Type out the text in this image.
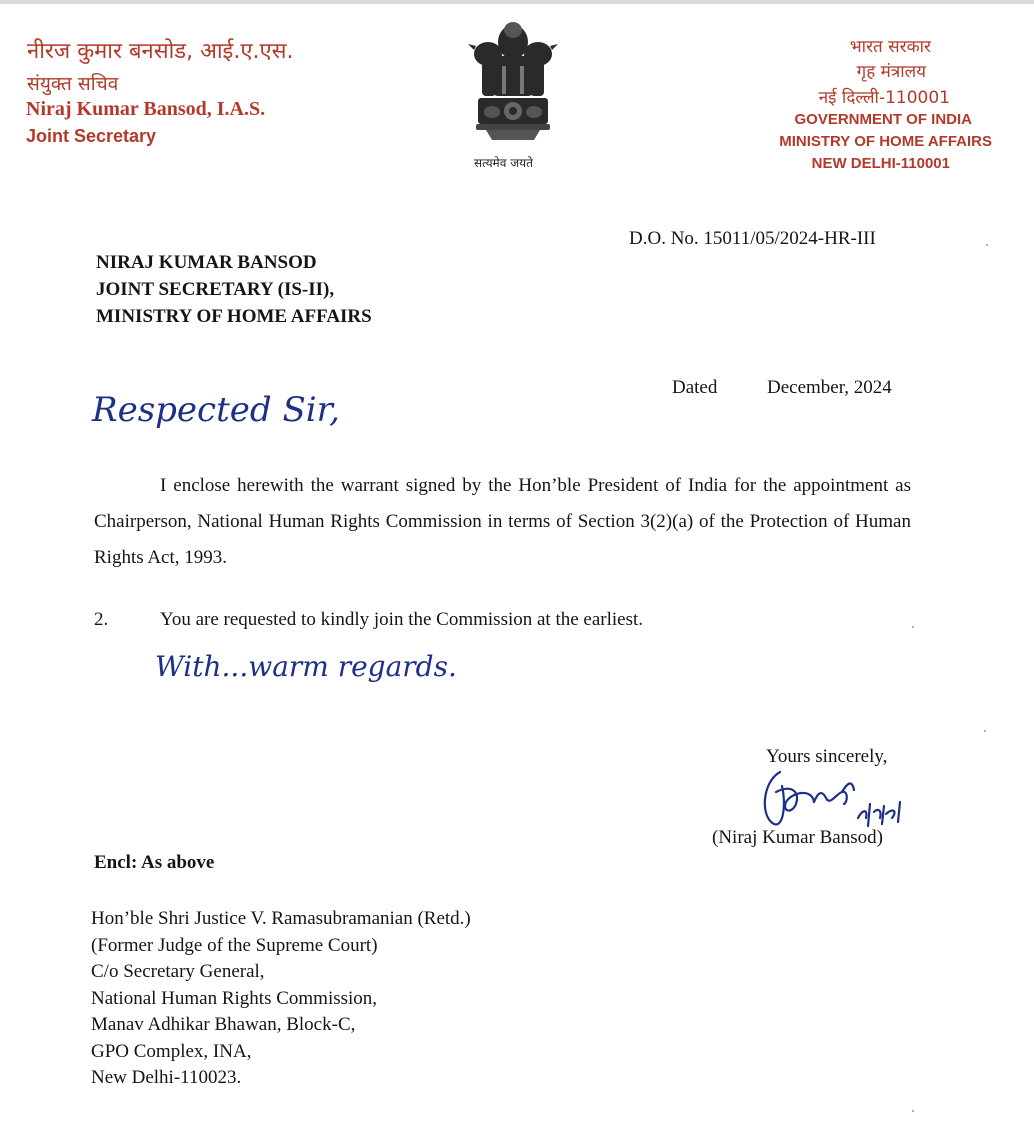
नीरज कुमार बनसोड, आई.ए.एस.
संयुक्त सचिव
Niraj Kumar Bansod, I.A.S.
Joint Secretary
सत्यमेव जयते
भारत सरकार
गृह मंत्रालय
नई दिल्ली-110001
GOVERNMENT OF INDIA
MINISTRY OF HOME AFFAIRS
NEW DELHI-110001
D.O. No. 15011/05/2024-HR-III
NIRAJ KUMAR BANSOD
JOINT SECRETARY (IS-II),
MINISTRY OF HOME AFFAIRS
Dated	December, 2024
Respected Sir,

I enclose herewith the warrant signed by the Hon’ble President of India for the appointment as Chairperson, National Human Rights Commission in terms of Section 3(2)(a) of the Protection of Human Rights Act, 1993.

2.	You are requested to kindly join the Commission at the earliest.
With...warm regards.
Yours sincerely,
(Niraj Kumar Bansod)
Encl: As above
Hon’ble Shri Justice V. Ramasubramanian (Retd.)
(Former Judge of the Supreme Court)
C/o Secretary General,
National Human Rights Commission,
Manav Adhikar Bhawan, Block-C,
GPO Complex, INA,
New Delhi-110023.
